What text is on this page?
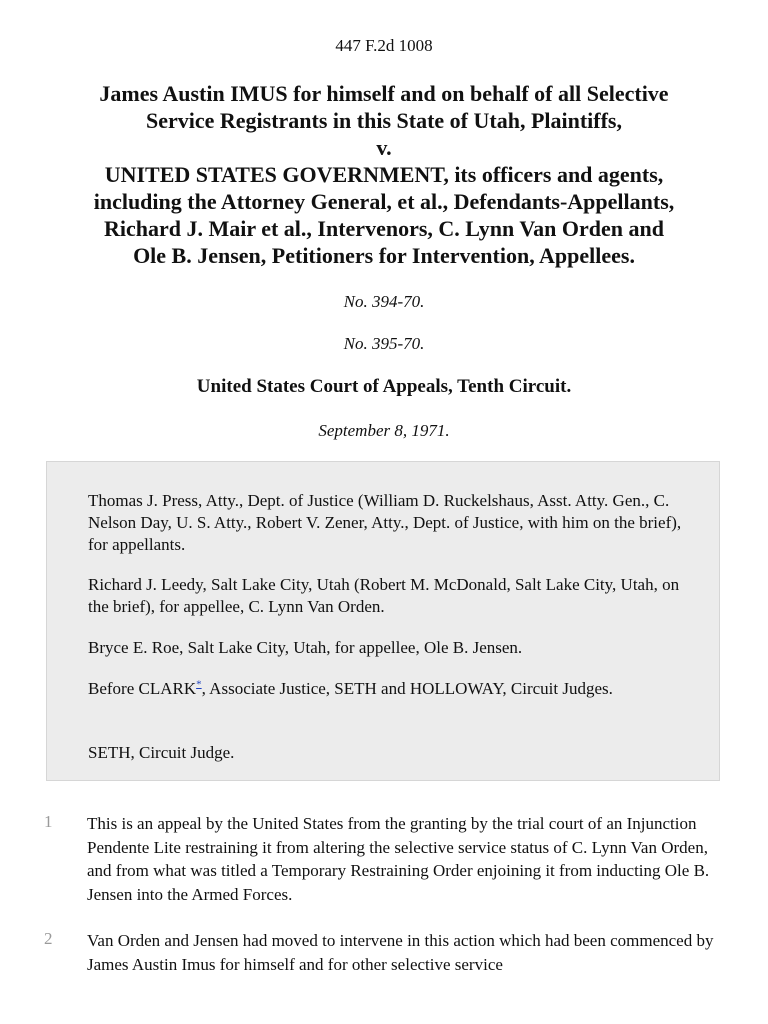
447 F.2d 1008
James Austin IMUS for himself and on behalf of all Selective
Service Registrants in this State of Utah, Plaintiffs,
v.
UNITED STATES GOVERNMENT, its officers and agents,
including the Attorney General, et al., Defendants-Appellants,
Richard J. Mair et al., Intervenors, C. Lynn Van Orden and
Ole B. Jensen, Petitioners for Intervention, Appellees.
No. 394-70.
No. 395-70.
United States Court of Appeals, Tenth Circuit.
September 8, 1971.

Thomas J. Press, Atty., Dept. of Justice (William D. Ruckelshaus, Asst. Atty. Gen., C. Nelson Day, U. S. Atty., Robert V. Zener, Atty., Dept. of Justice, with him on the brief), for appellants.

Richard J. Leedy, Salt Lake City, Utah (Robert M. McDonald, Salt Lake City, Utah, on the brief), for appellee, C. Lynn Van Orden.

Bryce E. Roe, Salt Lake City, Utah, for appellee, Ole B. Jensen.

Before CLARK*, Associate Justice, SETH and HOLLOWAY, Circuit Judges.

SETH, Circuit Judge.

1 This is an appeal by the United States from the granting by the trial court of an Injunction Pendente Lite restraining it from altering the selective service status of C. Lynn Van Orden, and from what was titled a Temporary Restraining Order enjoining it from inducting Ole B. Jensen into the Armed Forces.

2 Van Orden and Jensen had moved to intervene in this action which had been commenced by James Austin Imus for himself and for other selective service
